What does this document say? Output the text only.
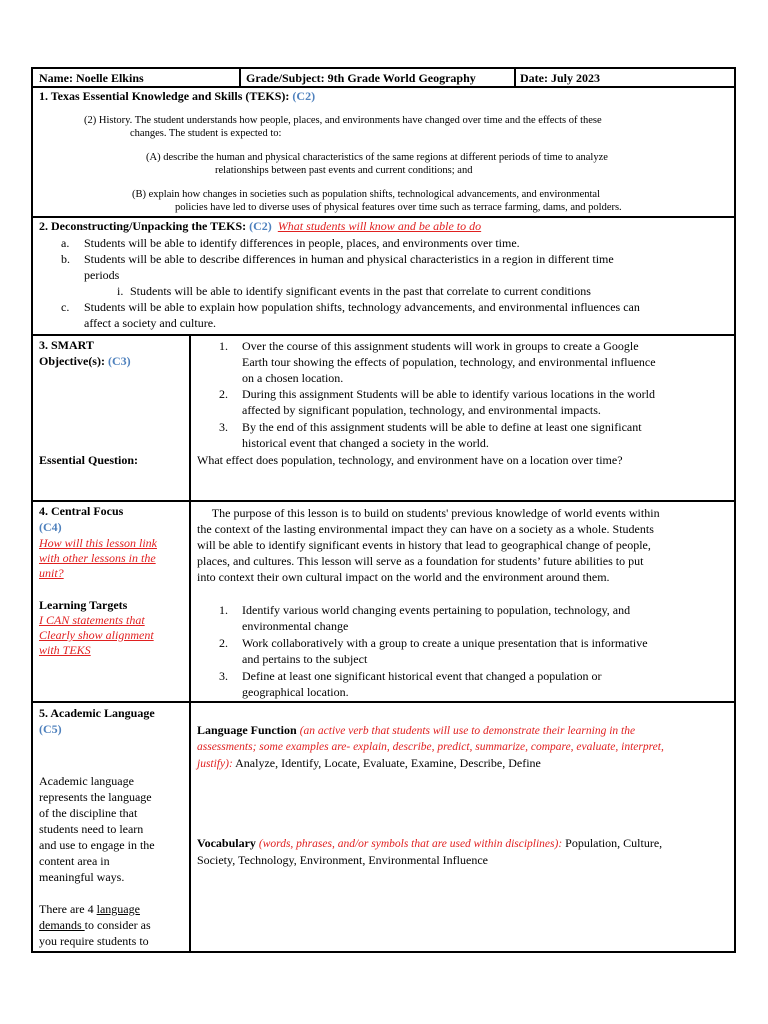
Name: Noelle Elkins	Grade/Subject: 9th Grade World Geography	Date: July 2023
1. Texas Essential Knowledge and Skills (TEKS): (C2)
(2) History. The student understands how people, places, and environments have changed over time and the effects of these
changes. The student is expected to:
(A) describe the human and physical characteristics of the same regions at different periods of time to analyze
relationships between past events and current conditions; and
(B) explain how changes in societies such as population shifts, technological advancements, and environmental
policies have led to diverse uses of physical features over time such as terrace farming, dams, and polders.
2. Deconstructing/Unpacking the TEKS: (C2) What students will know and be able to do
a. Students will be able to identify differences in people, places, and environments over time.
b. Students will be able to describe differences in human and physical characteristics in a region in different time
periods
i. Students will be able to identify significant events in the past that correlate to current conditions
c. Students will be able to explain how population shifts, technology advancements, and environmental influences can
affect a society and culture.
3. SMART
Objective(s): (C3)
Essential Question:
1. Over the course of this assignment students will work in groups to create a Google
Earth tour showing the effects of population, technology, and environmental influence
on a chosen location.
2. During this assignment Students will be able to identify various locations in the world
affected by significant population, technology, and environmental impacts.
3. By the end of this assignment students will be able to define at least one significant
historical event that changed a society in the world.
What effect does population, technology, and environment have on a location over time?
4. Central Focus
(C4)
How will this lesson link
with other lessons in the
unit?
Learning Targets
I CAN statements that
Clearly show alignment
with TEKS
The purpose of this lesson is to build on students' previous knowledge of world events within
the context of the lasting environmental impact they can have on a society as a whole. Students
will be able to identify significant events in history that lead to geographical change of people,
places, and cultures. This lesson will serve as a foundation for students’ future abilities to put
into context their own cultural impact on the world and the environment around them.
1. Identify various world changing events pertaining to population, technology, and
environmental change
2. Work collaboratively with a group to create a unique presentation that is informative
and pertains to the subject
3. Define at least one significant historical event that changed a population or
geographical location.
5. Academic Language
(C5)
Academic language
represents the language
of the discipline that
students need to learn
and use to engage in the
content area in
meaningful ways.
There are 4 language
demands to consider as
you require students to
Language Function (an active verb that students will use to demonstrate their learning in the
assessments; some examples are- explain, describe, predict, summarize, compare, evaluate, interpret,
justify): Analyze, Identify, Locate, Evaluate, Examine, Describe, Define
Vocabulary (words, phrases, and/or symbols that are used within disciplines): Population, Culture,
Society, Technology, Environment, Environmental Influence
